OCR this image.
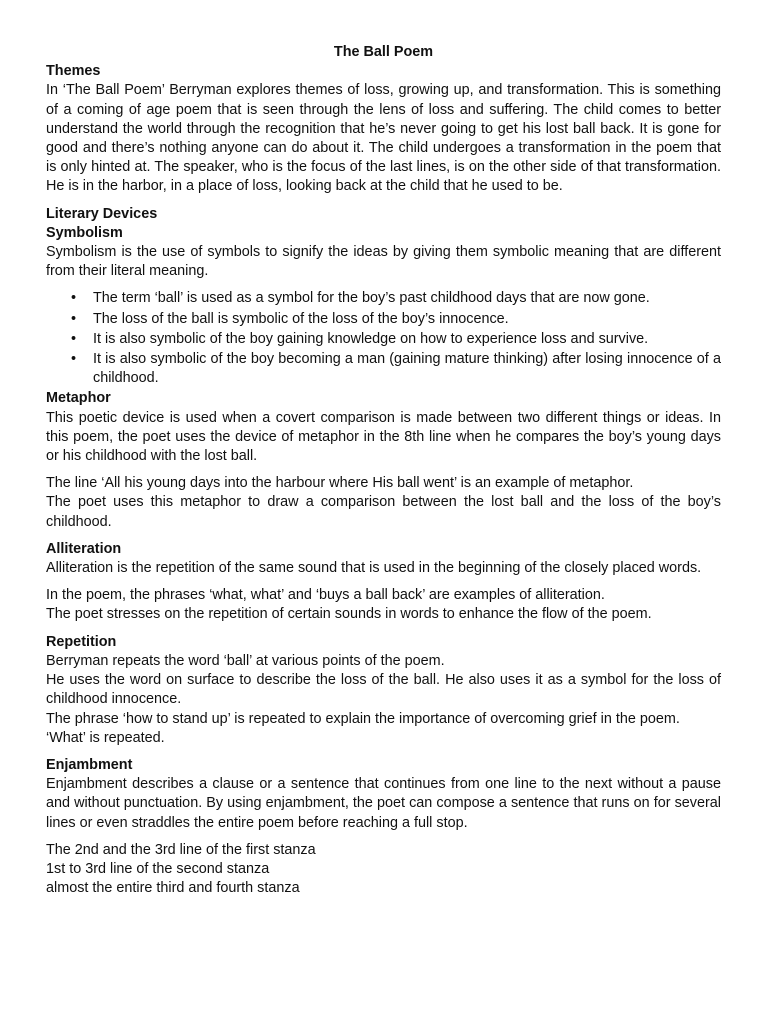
The Ball Poem

Themes

In ‘The Ball Poem’ Berryman explores themes of loss, growing up, and transformation. This is something of a coming of age poem that is seen through the lens of loss and suffering. The child comes to better understand the world through the recognition that he’s never going to get his lost ball back. It is gone for good and there’s nothing anyone can do about it. The child undergoes a transformation in the poem that is only hinted at. The speaker, who is the focus of the last lines, is on the other side of that transformation. He is in the harbor, in a place of loss, looking back at the child that he used to be.

Literary Devices
Symbolism

Symbolism is the use of symbols to signify the ideas by giving them symbolic meaning that are different from their literal meaning.

• The term ‘ball’ is used as a symbol for the boy’s past childhood days that are now gone.
• The loss of the ball is symbolic of the loss of the boy’s innocence.
• It is also symbolic of the boy gaining knowledge on how to experience loss and survive.
• It is also symbolic of the boy becoming a man (gaining mature thinking) after losing innocence of a childhood.
Metaphor

This poetic device is used when a covert comparison is made between two different things or ideas. In this poem, the poet uses the device of metaphor in the 8th line when he compares the boy’s young days or his childhood with the lost ball.

The line ‘All his young days into the harbour where His ball went’ is an example of metaphor.

The poet uses this metaphor to draw a comparison between the lost ball and the loss of the boy’s childhood.

Alliteration

Alliteration is the repetition of the same sound that is used in the beginning of the closely placed words.

In the poem, the phrases ‘what, what’ and ‘buys a ball back’ are examples of alliteration.

The poet stresses on the repetition of certain sounds in words to enhance the flow of the poem.

Repetition

Berryman repeats the word ‘ball’ at various points of the poem.

He uses the word on surface to describe the loss of the ball. He also uses it as a symbol for the loss of childhood innocence.

The phrase ‘how to stand up’ is repeated to explain the importance of overcoming grief in the poem.

‘What’ is repeated.

Enjambment

Enjambment describes a clause or a sentence that continues from one line to the next without a pause and without punctuation. By using enjambment, the poet can compose a sentence that runs on for several lines or even straddles the entire poem before reaching a full stop.

The 2nd and the 3rd line of the first stanza

1st to 3rd line of the second stanza

almost the entire third and fourth stanza
